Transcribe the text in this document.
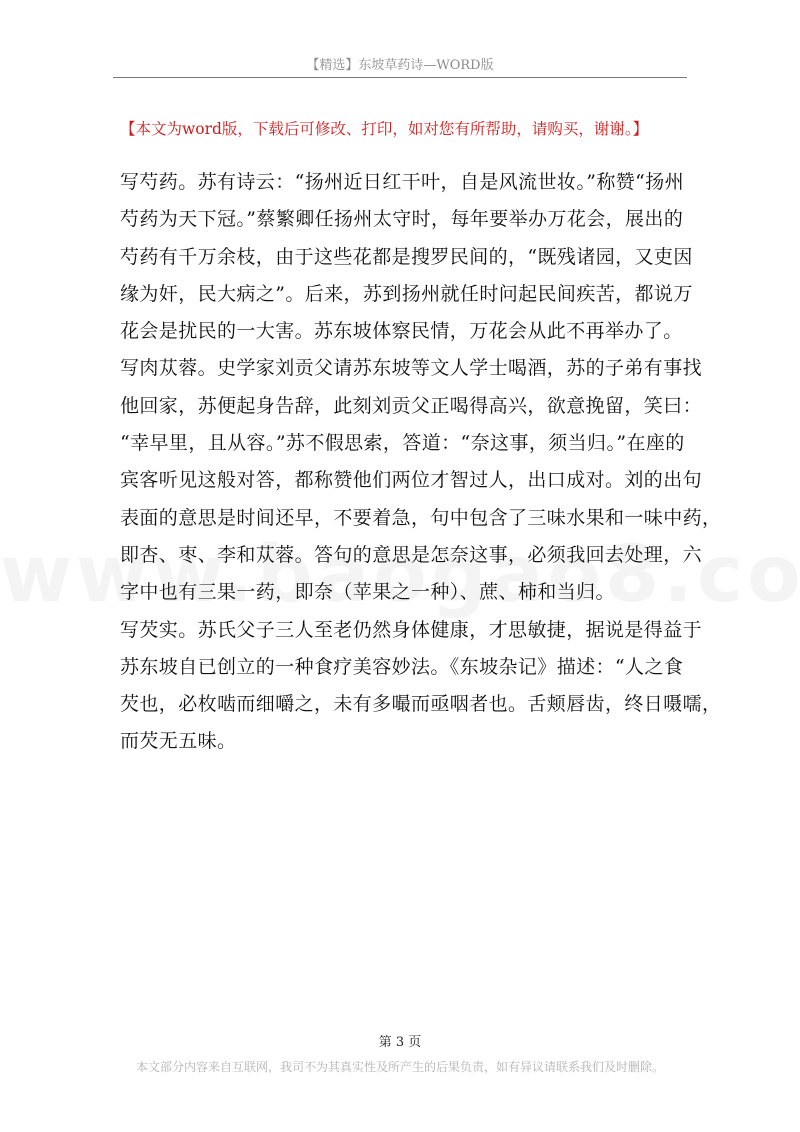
【精选】东坡草药诗—WORD版
【本文为word版，下载后可修改、打印，如对您有所帮助，请购买，谢谢。】
写芍药。苏有诗云：“扬州近日红干叶，自是风流世妆。”称赞“扬州
芍药为天下冠。”蔡繁卿任扬州太守时，每年要举办万花会，展出的
芍药有千万余枝，由于这些花都是搜罗民间的，“既残诸园，又吏因
缘为奸，民大病之”。后来，苏到扬州就任时问起民间疾苦，都说万
花会是扰民的一大害。苏东坡体察民情，万花会从此不再举办了。
写肉苁蓉。史学家刘贡父请苏东坡等文人学士喝酒，苏的子弟有事找
他回家，苏便起身告辞，此刻刘贡父正喝得高兴，欲意挽留，笑曰：
“幸早里，且从容。”苏不假思索，答道：“奈这事，须当归。”在座的
宾客听见这般对答，都称赞他们两位才智过人，出口成对。刘的出句
表面的意思是时间还早，不要着急，句中包含了三味水果和一味中药，
即杏、枣、李和苁蓉。答句的意思是怎奈这事，必须我回去处理，六
字中也有三果一药，即奈（苹果之一种）、蔗、柿和当归。
写芡实。苏氏父子三人至老仍然身体健康，才思敏捷，据说是得益于
苏东坡自已创立的一种食疗美容妙法。《东坡杂记》描述：“人之食
芡也，必枚啮而细嚼之，未有多嘬而亟咽者也。舌颊唇齿，终日嗫嚅，
而芡无五味。
第 3 页
本文部分内容来自互联网，我司不为其真实性及所产生的后果负责，如有异议请联系我们及时删除。
